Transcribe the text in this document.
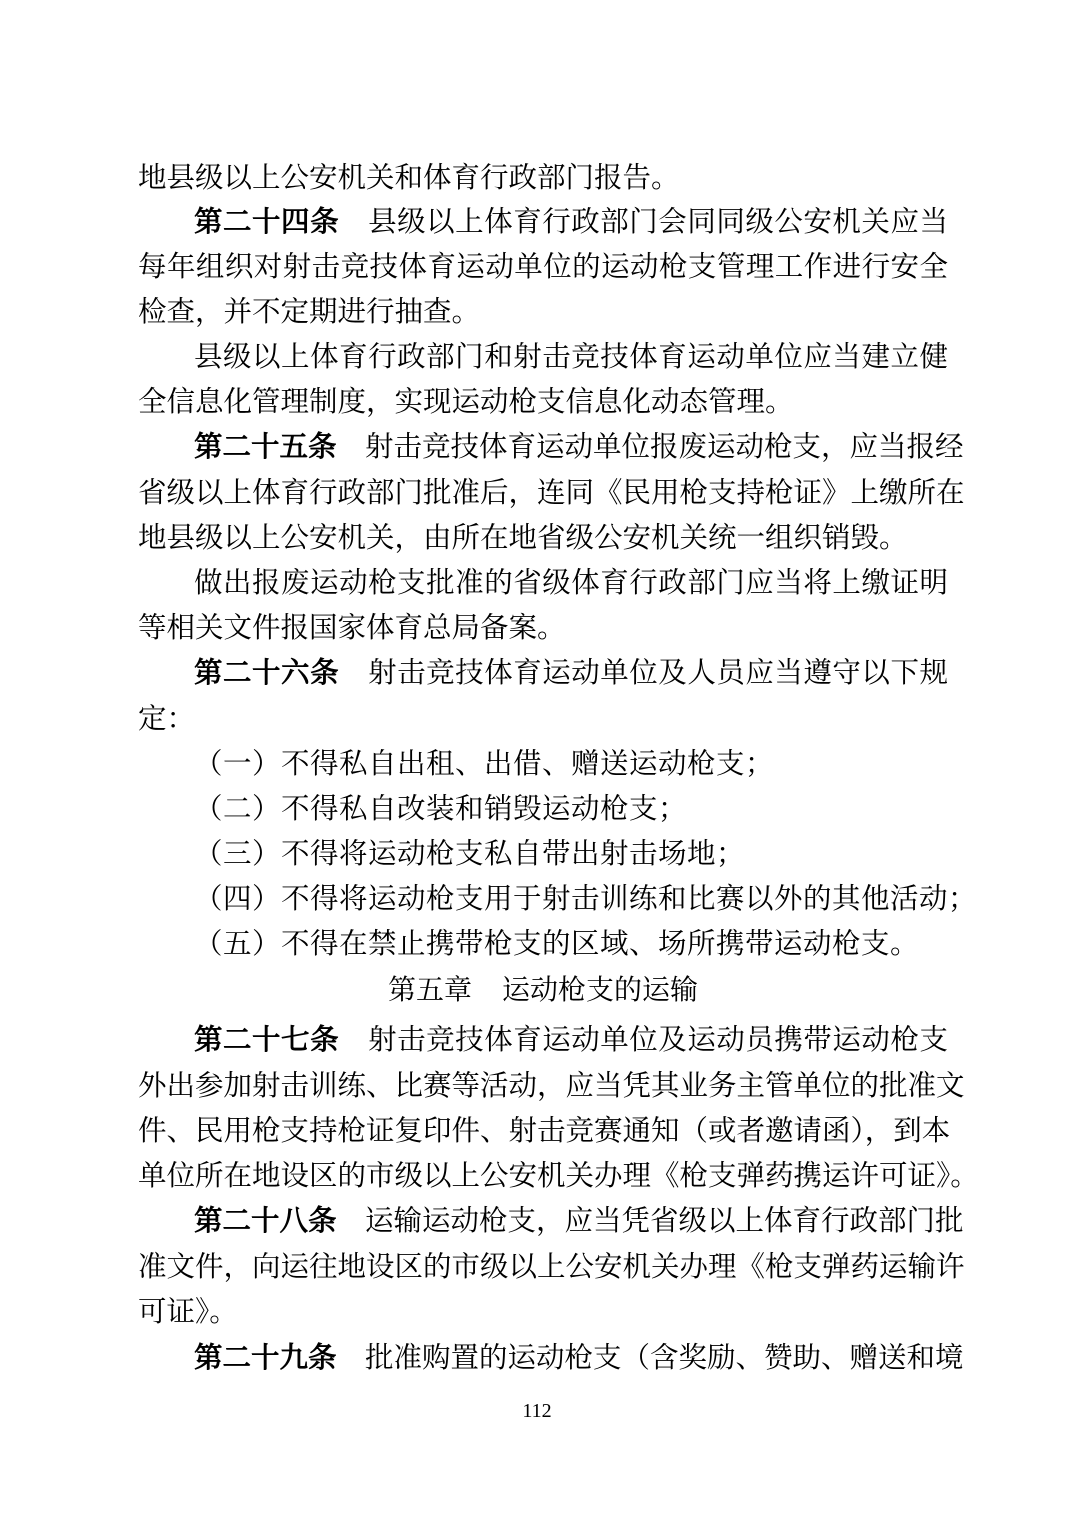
地县级以上公安机关和体育行政部门报告。
第二十四条　 县级以上体育行政部门会同同级公安机关应当
每年组织对射击竞技体育运动单位的运动枪支管理工作进行安全
检查，并不定期进行抽查。
县级以上体育行政部门和射击竞技体育运动单位应当建立健
全信息化管理制度，实现运动枪支信息化动态管理。
第二十五条　 射击竞技体育运动单位报废运动枪支，应当报经
省级以上体育行政部门批准后，连同《民用枪支持枪证》上缴所在
地县级以上公安机关，由所在地省级公安机关统一组织销毁。
做出报废运动枪支批准的省级体育行政部门应当将上缴证明
等相关文件报国家体育总局备案。
第二十六条　 射击竞技体育运动单位及人员应当遵守以下规
定：
（一）不得私自出租、出借、赠送运动枪支；
（二）不得私自改装和销毁运动枪支；
（三）不得将运动枪支私自带出射击场地；
（四）不得将运动枪支用于射击训练和比赛以外的其他活动；
（五）不得在禁止携带枪支的区域、场所携带运动枪支。
第五章 运动枪支的运输
第二十七条　 射击竞技体育运动单位及运动员携带运动枪支
外出参加射击训练、比赛等活动，应当凭其业务主管单位的批准文
件、民用枪支持枪证复印件、射击竞赛通知（或者邀请函），到本
单位所在地设区的市级以上公安机关办理《枪支弹药携运许可证》。
第二十八条　 运输运动枪支，应当凭省级以上体育行政部门批
准文件，向运往地设区的市级以上公安机关办理《枪支弹药运输许
可证》。
第二十九条　 批准购置的运动枪支（含奖励、赞助、赠送和境
112
